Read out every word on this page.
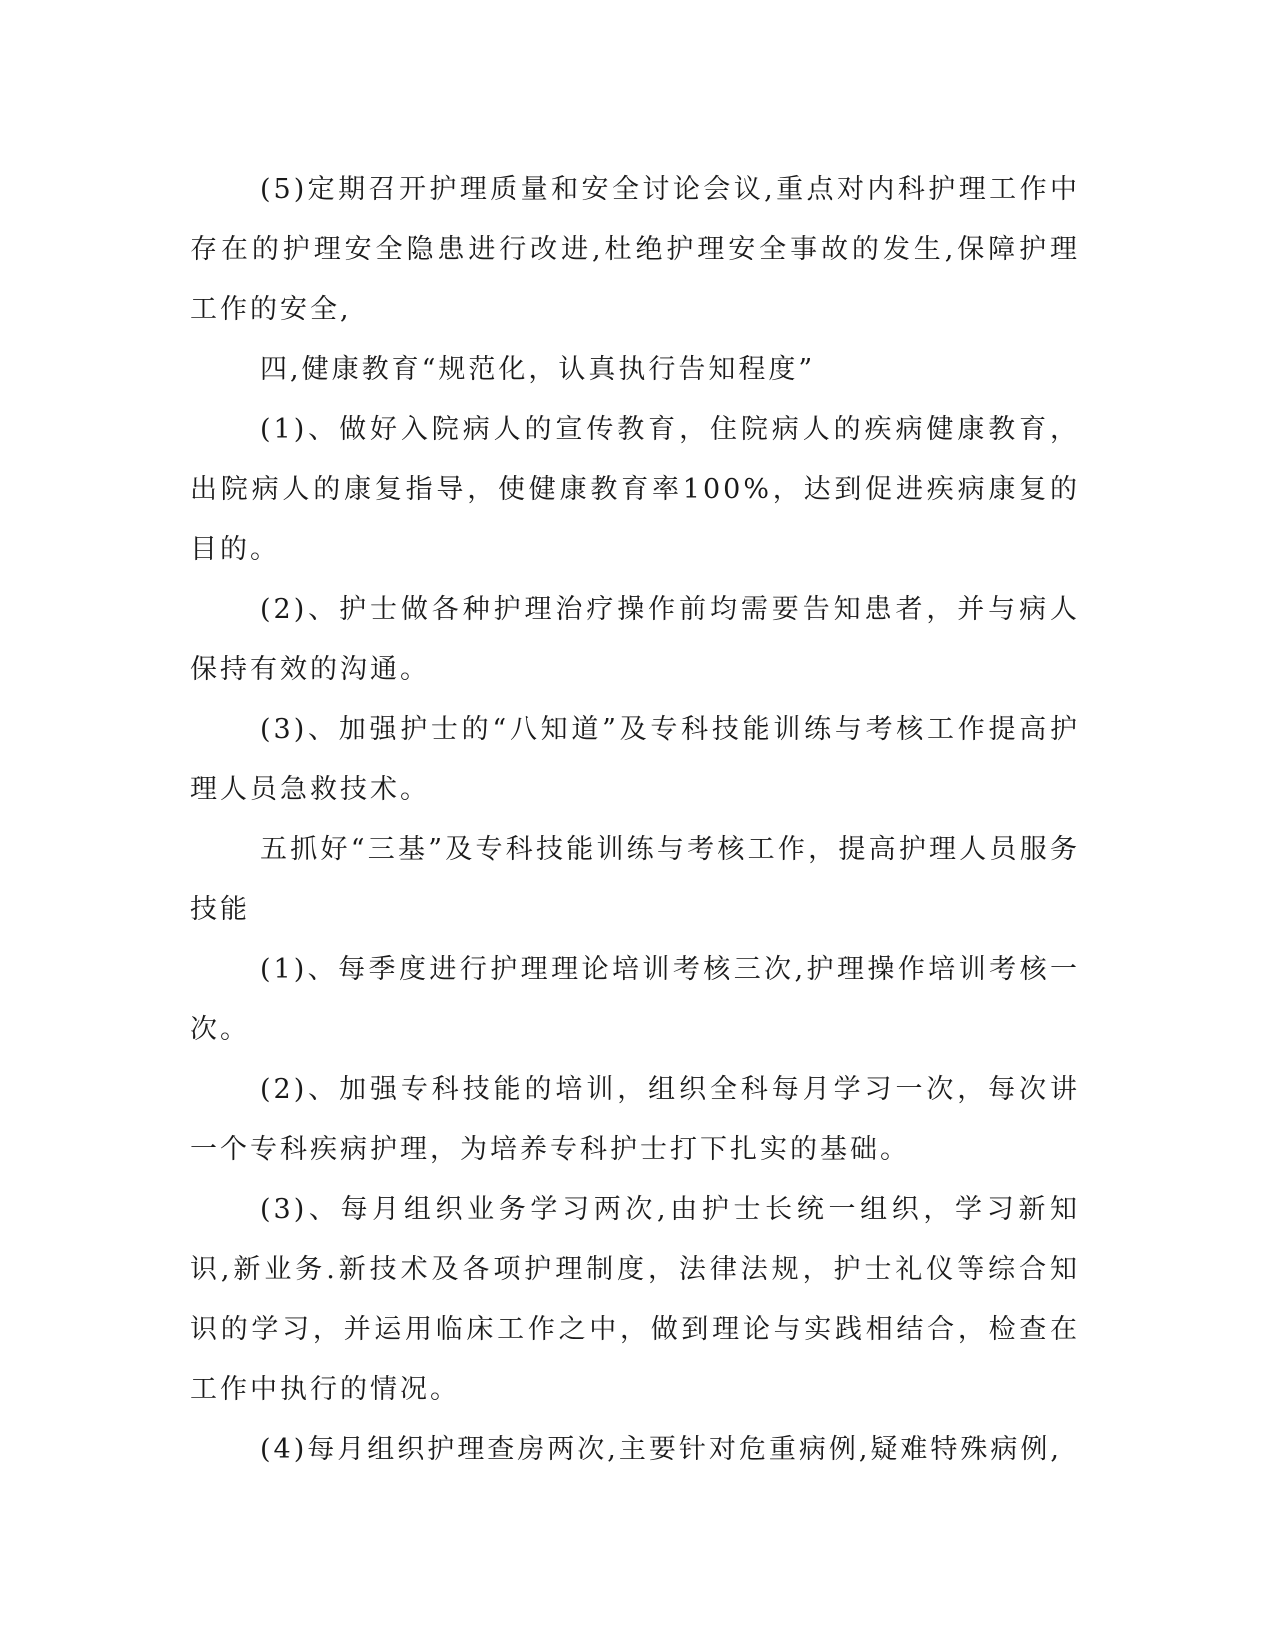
(5)定期召开护理质量和安全讨论会议,重点对内科护理工作中存在的护理安全隐患进行改进,杜绝护理安全事故的发生,保障护理工作的安全,

四,健康教育“规范化，认真执行告知程度”

(1)、做好入院病人的宣传教育，住院病人的疾病健康教育，出院病人的康复指导，使健康教育率100%，达到促进疾病康复的目的。

(2)、护士做各种护理治疗操作前均需要告知患者，并与病人保持有效的沟通。

(3)、加强护士的“八知道”及专科技能训练与考核工作提高护理人员急救技术。

五抓好“三基”及专科技能训练与考核工作，提高护理人员服务技能

(1)、每季度进行护理理论培训考核三次,护理操作培训考核一次。

(2)、加强专科技能的培训，组织全科每月学习一次，每次讲一个专科疾病护理，为培养专科护士打下扎实的基础。

(3)、每月组织业务学习两次,由护士长统一组织，学习新知识,新业务.新技术及各项护理制度，法律法规，护士礼仪等综合知识的学习，并运用临床工作之中，做到理论与实践相结合，检查在工作中执行的情况。

(4)每月组织护理查房两次,主要针对危重病例,疑难特殊病例,
